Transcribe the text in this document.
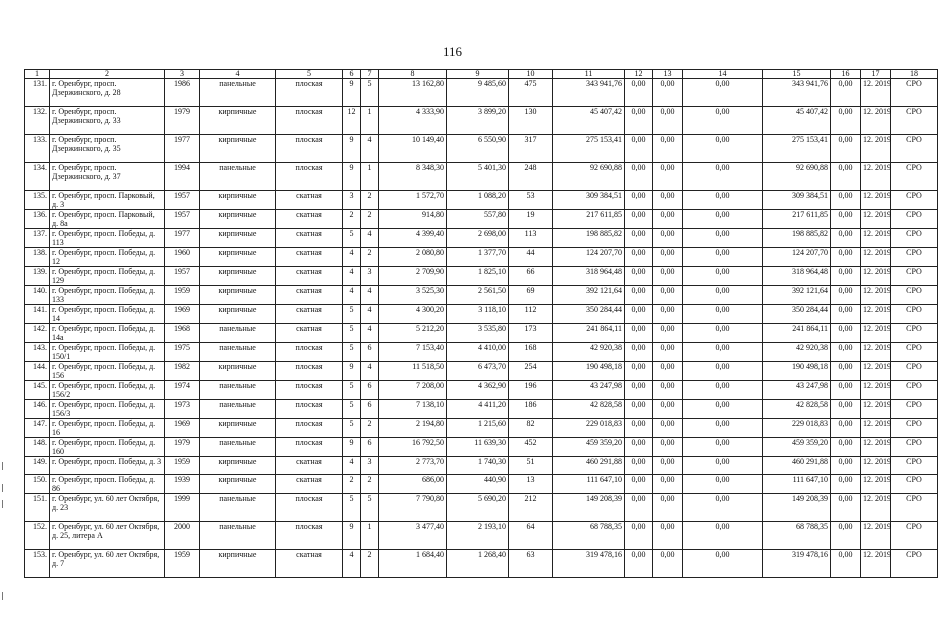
116
1	2	3	4	5	6	7	8	9	10	11	12	13	14	15	16	17	18
131.	г. Оренбург, просп. Дзержинского, д. 28	1986	панельные	плоская	9	5	13 162,80	9 485,60	475	343 941,76	0,00	0,00	0,00	343 941,76	0,00	12. 2019	СРО
132.	г. Оренбург, просп. Дзержинского, д. 33	1979	кирпичные	плоская	12	1	4 333,90	3 899,20	130	45 407,42	0,00	0,00	0,00	45 407,42	0,00	12. 2019	СРО
133.	г. Оренбург, просп. Дзержинского, д. 35	1977	кирпичные	плоская	9	4	10 149,40	6 550,90	317	275 153,41	0,00	0,00	0,00	275 153,41	0,00	12. 2019	СРО
134.	г. Оренбург, просп. Дзержинского, д. 37	1994	панельные	плоская	9	1	8 348,30	5 401,30	248	92 690,88	0,00	0,00	0,00	92 690,88	0,00	12. 2019	СРО
135.	г. Оренбург, просп. Парковый, д. 3	1957	кирпичные	скатная	3	2	1 572,70	1 088,20	53	309 384,51	0,00	0,00	0,00	309 384,51	0,00	12. 2019	СРО
136.	г. Оренбург, просп. Парковый, д. 8а	1957	кирпичные	скатная	2	2	914,80	557,80	19	217 611,85	0,00	0,00	0,00	217 611,85	0,00	12. 2019	СРО
137.	г. Оренбург, просп. Победы, д. 113	1977	кирпичные	скатная	5	4	4 399,40	2 698,00	113	198 885,82	0,00	0,00	0,00	198 885,82	0,00	12. 2019	СРО
138.	г. Оренбург, просп. Победы, д. 12	1960	кирпичные	скатная	4	2	2 080,80	1 377,70	44	124 207,70	0,00	0,00	0,00	124 207,70	0,00	12. 2019	СРО
139.	г. Оренбург, просп. Победы, д. 129	1957	кирпичные	скатная	4	3	2 709,90	1 825,10	66	318 964,48	0,00	0,00	0,00	318 964,48	0,00	12. 2019	СРО
140.	г. Оренбург, просп. Победы, д. 133	1959	кирпичные	скатная	4	4	3 525,30	2 561,50	69	392 121,64	0,00	0,00	0,00	392 121,64	0,00	12. 2019	СРО
141.	г. Оренбург, просп. Победы, д. 14	1969	кирпичные	скатная	5	4	4 300,20	3 118,10	112	350 284,44	0,00	0,00	0,00	350 284,44	0,00	12. 2019	СРО
142.	г. Оренбург, просп. Победы, д. 14а	1968	панельные	скатная	5	4	5 212,20	3 535,80	173	241 864,11	0,00	0,00	0,00	241 864,11	0,00	12. 2019	СРО
143.	г. Оренбург, просп. Победы, д. 150/1	1975	панельные	плоская	5	6	7 153,40	4 410,00	168	42 920,38	0,00	0,00	0,00	42 920,38	0,00	12. 2019	СРО
144.	г. Оренбург, просп. Победы, д. 156	1982	кирпичные	плоская	9	4	11 518,50	6 473,70	254	190 498,18	0,00	0,00	0,00	190 498,18	0,00	12. 2019	СРО
145.	г. Оренбург, просп. Победы, д. 156/2	1974	панельные	плоская	5	6	7 208,00	4 362,90	196	43 247,98	0,00	0,00	0,00	43 247,98	0,00	12. 2019	СРО
146.	г. Оренбург, просп. Победы, д. 156/3	1973	панельные	плоская	5	6	7 138,10	4 411,20	186	42 828,58	0,00	0,00	0,00	42 828,58	0,00	12. 2019	СРО
147.	г. Оренбург, просп. Победы, д. 16	1969	кирпичные	плоская	5	2	2 194,80	1 215,60	82	229 018,83	0,00	0,00	0,00	229 018,83	0,00	12. 2019	СРО
148.	г. Оренбург, просп. Победы, д. 160	1979	панельные	плоская	9	6	16 792,50	11 639,30	452	459 359,20	0,00	0,00	0,00	459 359,20	0,00	12. 2019	СРО
149.	г. Оренбург, просп. Победы, д. 3	1959	кирпичные	скатная	4	3	2 773,70	1 740,30	51	460 291,88	0,00	0,00	0,00	460 291,88	0,00	12. 2019	СРО
150.	г. Оренбург, просп. Победы, д. 86	1939	кирпичные	скатная	2	2	686,00	440,90	13	111 647,10	0,00	0,00	0,00	111 647,10	0,00	12. 2019	СРО
151.	г. Оренбург, ул. 60 лет Октября, д. 23	1999	панельные	плоская	5	5	7 790,80	5 690,20	212	149 208,39	0,00	0,00	0,00	149 208,39	0,00	12. 2019	СРО
152.	г. Оренбург, ул. 60 лет Октября, д. 25, литера А	2000	панельные	плоская	9	1	3 477,40	2 193,10	64	68 788,35	0,00	0,00	0,00	68 788,35	0,00	12. 2019	СРО
153.	г. Оренбург, ул. 60 лет Октября, д. 7	1959	кирпичные	скатная	4	2	1 684,40	1 268,40	63	319 478,16	0,00	0,00	0,00	319 478,16	0,00	12. 2019	СРО
